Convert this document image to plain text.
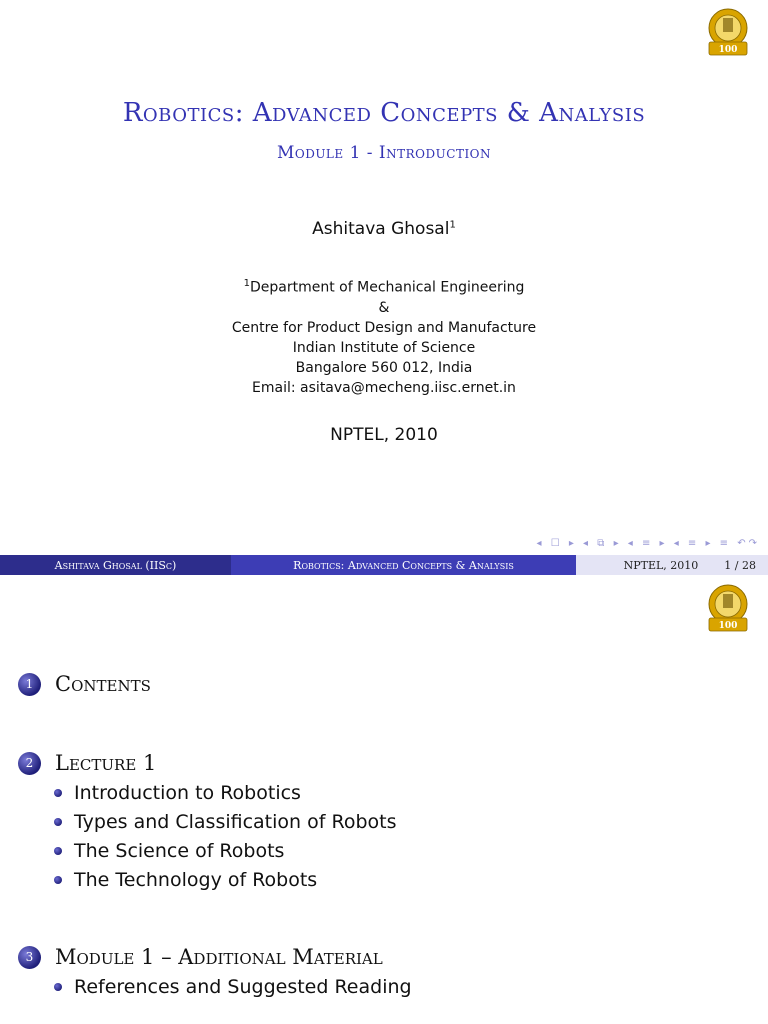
100
Robotics: Advanced Concepts & Analysis
Module 1 - Introduction
Ashitava Ghosal$^1$
$^1$Department of Mechanical Engineering
&
Centre for Product Design and Manufacture
Indian Institute of Science
Bangalore 560 012, India
Email: asitava@mecheng.iisc.ernet.in
NPTEL, 2010
◂ ☐ ▸ ◂ ⧉ ▸ ◂ ≡ ▸ ◂ ≡ ▸ ≡ ↶↷
Ashitava Ghosal (IISc)	Robotics: Advanced Concepts & Analysis	NPTEL, 2010 1 / 28
100
1	Contents
2	Lecture 1
Introduction to Robotics
Types and Classification of Robots
The Science of Robots
The Technology of Robots
3	Module 1 – Additional Material
References and Suggested Reading
